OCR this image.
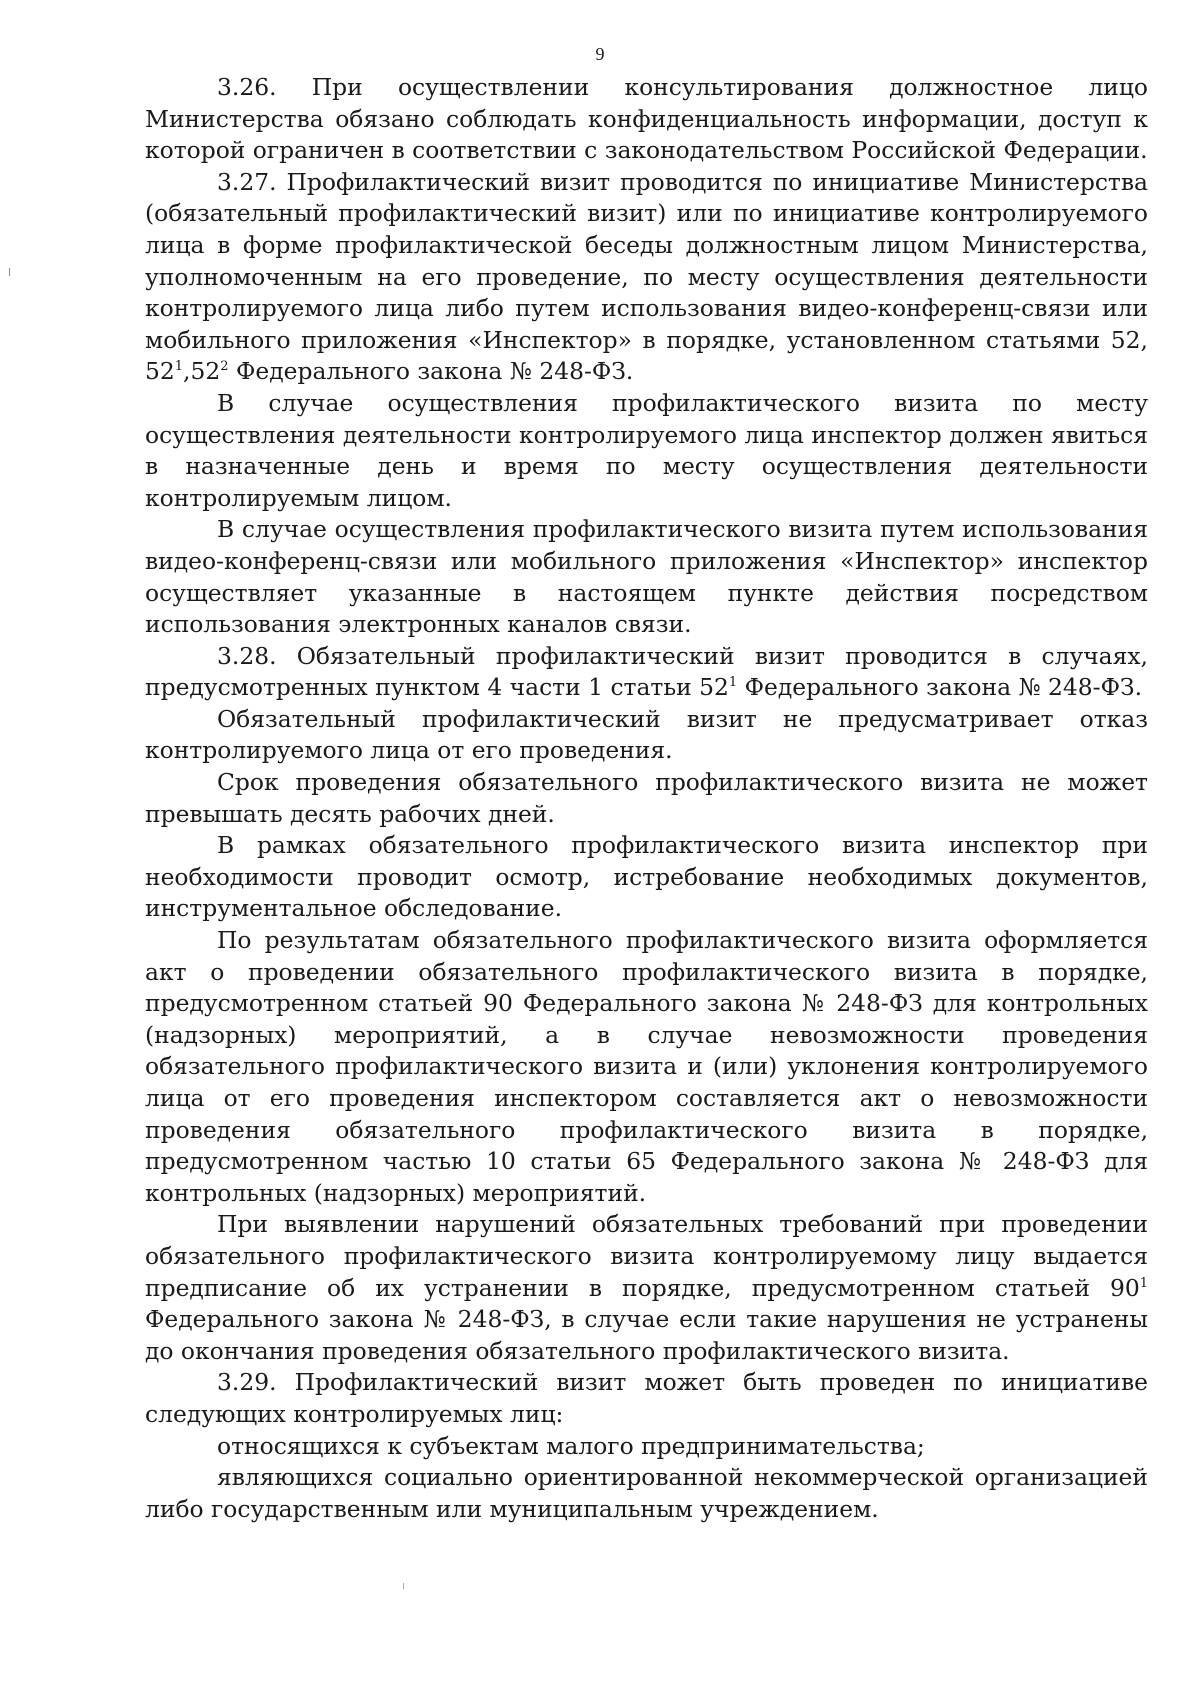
9

3.26. При осуществлении консультирования должностное лицо Министерства обязано соблюдать конфиденциальность информации, доступ к которой ограничен в соответствии с законодательством Российской Федерации.

3.27. Профилактический визит проводится по инициативе Министерства (обязательный профилактический визит) или по инициативе контролируемого лица в форме профилактической беседы должностным лицом Министерства, уполномоченным на его проведение, по месту осуществления деятельности контролируемого лица либо путем использования видео-конференц-связи или мобильного приложения «Инспектор» в порядке, установленном статьями 52, $52^1,52^2$ Федерального закона № 248-ФЗ.

В случае осуществления профилактического визита по месту осуществления деятельности контролируемого лица инспектор должен явиться в назначенные день и время по месту осуществления деятельности контролируемым лицом.

В случае осуществления профилактического визита путем использования видео-конференц-связи или мобильного приложения «Инспектор» инспектор осуществляет указанные в настоящем пункте действия посредством использования электронных каналов связи.

3.28. Обязательный профилактический визит проводится в случаях, предусмотренных пунктом 4 части 1 статьи $52^1$ Федерального закона № 248-ФЗ.

Обязательный профилактический визит не предусматривает отказ контролируемого лица от его проведения.

Срок проведения обязательного профилактического визита не может превышать десять рабочих дней.

В рамках обязательного профилактического визита инспектор при необходимости проводит осмотр, истребование необходимых документов, инструментальное обследование.

По результатам обязательного профилактического визита оформляется акт о проведении обязательного профилактического визита в порядке, предусмотренном статьей 90 Федерального закона № 248-ФЗ для контрольных (надзорных) мероприятий, а в случае невозможности проведения обязательного профилактического визита и (или) уклонения контролируемого лица от его проведения инспектором составляется акт о невозможности проведения обязательного профилактического визита в порядке, предусмотренном частью 10 статьи 65 Федерального закона № 248-ФЗ для контрольных (надзорных) мероприятий.

При выявлении нарушений обязательных требований при проведении обязательного профилактического визита контролируемому лицу выдается предписание об их устранении в порядке, предусмотренном статьей $90^1$ Федерального закона № 248-ФЗ, в случае если такие нарушения не устранены до окончания проведения обязательного профилактического визита.

3.29. Профилактический визит может быть проведен по инициативе следующих контролируемых лиц:

относящихся к субъектам малого предпринимательства;

являющихся социально ориентированной некоммерческой организацией либо государственным или муниципальным учреждением.
